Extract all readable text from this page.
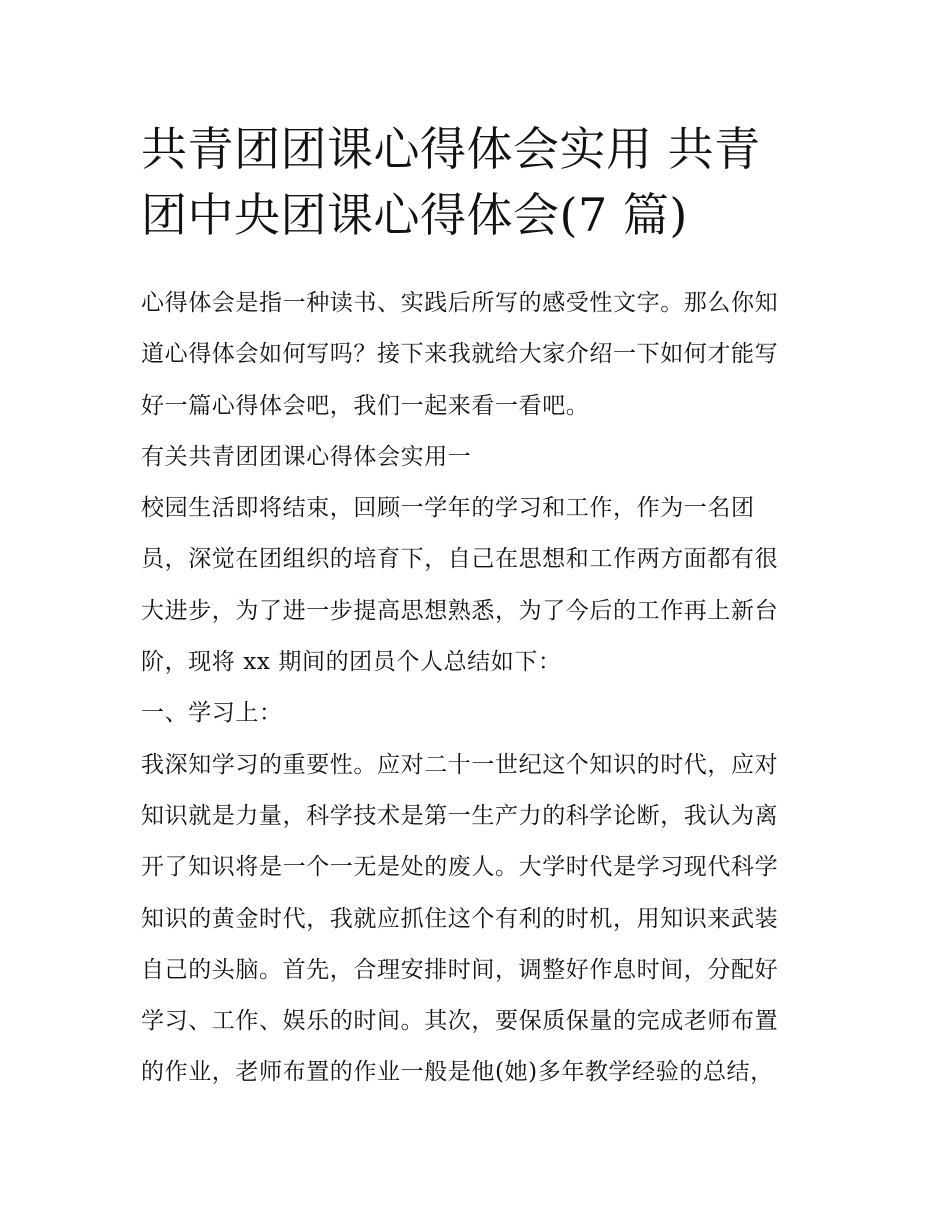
共青团团课心得体会实用 共青
团中央团课心得体会(7 篇)
心得体会是指一种读书、实践后所写的感受性文字。那么你知
道心得体会如何写吗？接下来我就给大家介绍一下如何才能写
好一篇心得体会吧，我们一起来看一看吧。
有关共青团团课心得体会实用一
校园生活即将结束，回顾一学年的学习和工作，作为一名团
员，深觉在团组织的培育下，自己在思想和工作两方面都有很
大进步，为了进一步提高思想熟悉，为了今后的工作再上新台
阶，现将 xx 期间的团员个人总结如下：
一、学习上：
我深知学习的重要性。应对二十一世纪这个知识的时代，应对
知识就是力量，科学技术是第一生产力的科学论断，我认为离
开了知识将是一个一无是处的废人。大学时代是学习现代科学
知识的黄金时代，我就应抓住这个有利的时机，用知识来武装
自己的头脑。首先，合理安排时间，调整好作息时间，分配好
学习、工作、娱乐的时间。其次，要保质保量的完成老师布置
的作业，老师布置的作业一般是他(她)多年教学经验的总结，
